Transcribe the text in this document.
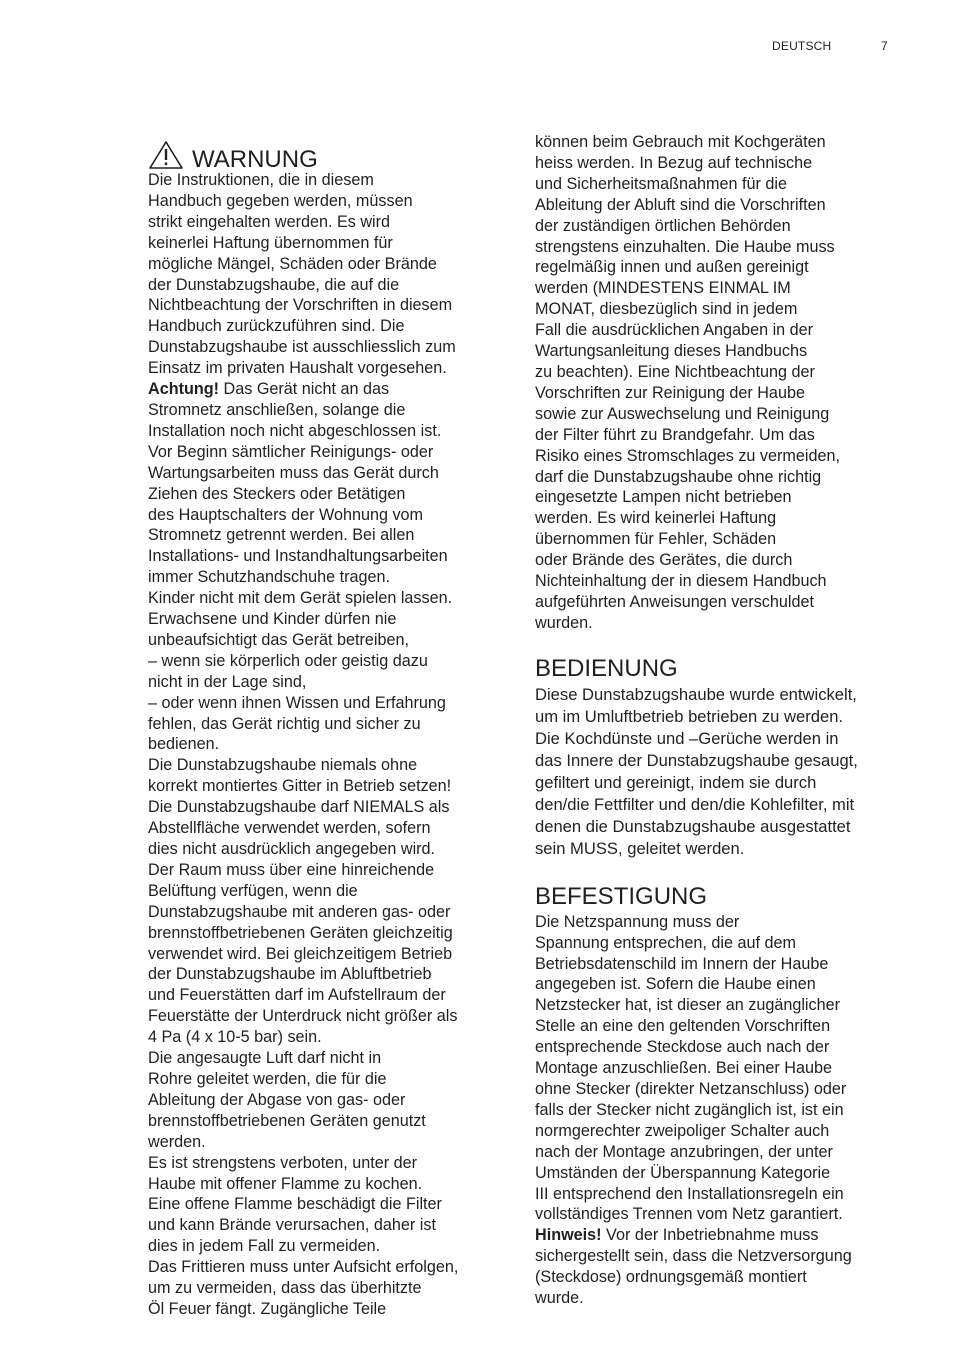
DEUTSCH	7
WARNUNG
Die Instruktionen, die in diesem
Handbuch gegeben werden, müssen
strikt eingehalten werden. Es wird
keinerlei Haftung übernommen für
mögliche Mängel, Schäden oder Brände
der Dunstabzugshaube, die auf die
Nichtbeachtung der Vorschriften in diesem
Handbuch zurückzuführen sind. Die
Dunstabzugshaube ist ausschliesslich zum
Einsatz im privaten Haushalt vorgesehen.
Achtung! Das Gerät nicht an das
Stromnetz anschließen, solange die
Installation noch nicht abgeschlossen ist.
Vor Beginn sämtlicher Reinigungs- oder
Wartungsarbeiten muss das Gerät durch
Ziehen des Steckers oder Betätigen
des Hauptschalters der Wohnung vom
Stromnetz getrennt werden. Bei allen
Installations- und Instandhaltungsarbeiten
immer Schutzhandschuhe tragen.
Kinder nicht mit dem Gerät spielen lassen.
Erwachsene und Kinder dürfen nie
unbeaufsichtigt das Gerät betreiben,
– wenn sie körperlich oder geistig dazu
nicht in der Lage sind,
– oder wenn ihnen Wissen und Erfahrung
fehlen, das Gerät richtig und sicher zu
bedienen.
Die Dunstabzugshaube niemals ohne
korrekt montiertes Gitter in Betrieb setzen!
Die Dunstabzugshaube darf NIEMALS als
Abstellfläche verwendet werden, sofern
dies nicht ausdrücklich angegeben wird.
Der Raum muss über eine hinreichende
Belüftung verfügen, wenn die
Dunstabzugshaube mit anderen gas- oder
brennstoffbetriebenen Geräten gleichzeitig
verwendet wird. Bei gleichzeitigem Betrieb
der Dunstabzugshaube im Abluftbetrieb
und Feuerstätten darf im Aufstellraum der
Feuerstätte der Unterdruck nicht größer als
4 Pa (4 x 10-5 bar) sein.
Die angesaugte Luft darf nicht in
Rohre geleitet werden, die für die
Ableitung der Abgase von gas- oder
brennstoffbetriebenen Geräten genutzt
werden.
Es ist strengstens verboten, unter der
Haube mit offener Flamme zu kochen.
Eine offene Flamme beschädigt die Filter
und kann Brände verursachen, daher ist
dies in jedem Fall zu vermeiden.
Das Frittieren muss unter Aufsicht erfolgen,
um zu vermeiden, dass das überhitzte
Öl Feuer fängt. Zugängliche Teile
können beim Gebrauch mit Kochgeräten
heiss werden. In Bezug auf technische
und Sicherheitsmaßnahmen für die
Ableitung der Abluft sind die Vorschriften
der zuständigen örtlichen Behörden
strengstens einzuhalten. Die Haube muss
regelmäßig innen und außen gereinigt
werden (MINDESTENS EINMAL IM
MONAT, diesbezüglich sind in jedem
Fall die ausdrücklichen Angaben in der
Wartungsanleitung dieses Handbuchs
zu beachten). Eine Nichtbeachtung der
Vorschriften zur Reinigung der Haube
sowie zur Auswechselung und Reinigung
der Filter führt zu Brandgefahr. Um das
Risiko eines Stromschlages zu vermeiden,
darf die Dunstabzugshaube ohne richtig
eingesetzte Lampen nicht betrieben
werden. Es wird keinerlei Haftung
übernommen für Fehler, Schäden
oder Brände des Gerätes, die durch
Nichteinhaltung der in diesem Handbuch
aufgeführten Anweisungen verschuldet
wurden.
BEDIENUNG
Diese Dunstabzugshaube wurde entwickelt,
um im Umluftbetrieb betrieben zu werden.
Die Kochdünste und –Gerüche werden in
das Innere der Dunstabzugshaube gesaugt,
gefiltert und gereinigt, indem sie durch
den/die Fettfilter und den/die Kohlefilter, mit
denen die Dunstabzugshaube ausgestattet
sein MUSS, geleitet werden.
BEFESTIGUNG
Die Netzspannung muss der
Spannung entsprechen, die auf dem
Betriebsdatenschild im Innern der Haube
angegeben ist. Sofern die Haube einen
Netzstecker hat, ist dieser an zugänglicher
Stelle an eine den geltenden Vorschriften
entsprechende Steckdose auch nach der
Montage anzuschließen. Bei einer Haube
ohne Stecker (direkter Netzanschluss) oder
falls der Stecker nicht zugänglich ist, ist ein
normgerechter zweipoliger Schalter auch
nach der Montage anzubringen, der unter
Umständen der Überspannung Kategorie
III entsprechend den Installationsregeln ein
vollständiges Trennen vom Netz garantiert.
Hinweis! Vor der Inbetriebnahme muss
sichergestellt sein, dass die Netzversorgung
(Steckdose) ordnungsgemäß montiert
wurde.
